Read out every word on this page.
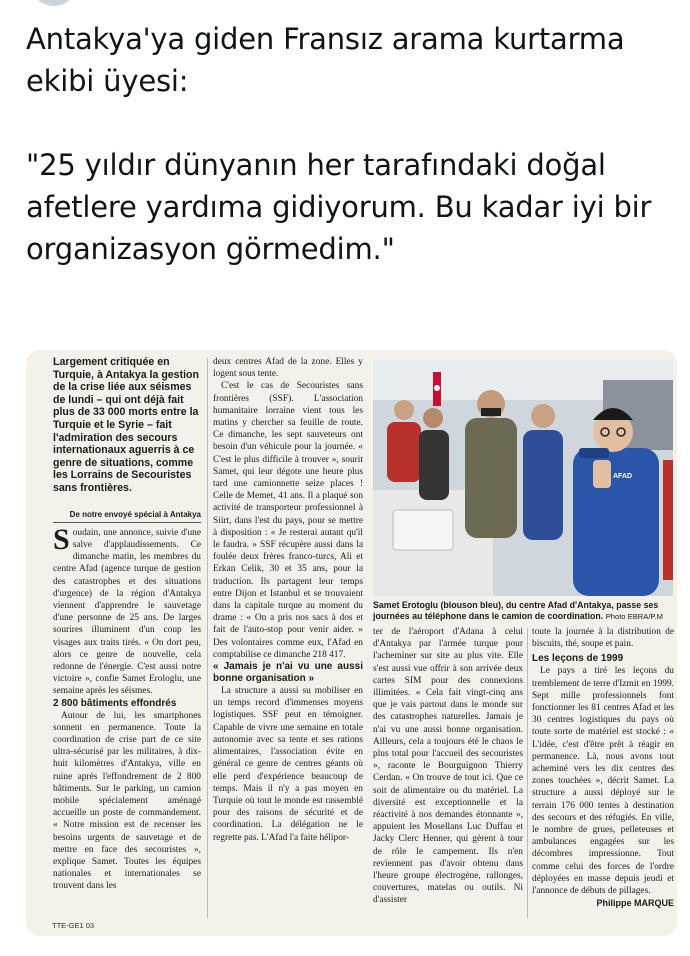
Antakya'ya giden Fransız arama kurtarma ekibi üyesi:

"25 yıldır dünyanın her tarafındaki doğal afetlere yardıma gidiyorum. Bu kadar iyi bir organizasyon görmedim."

Largement critiquée en Turquie, à Antakya la gestion de la crise liée aux séismes de lundi – qui ont déjà fait plus de 33 000 morts entre la Turquie et le Syrie – fait l'admiration des secours internationaux aguerris à ce genre de situations, comme les Lorrains de Secouristes sans frontières.
De notre envoyé spécial à Antakya

Soudain, une annonce, suivie d'une salve d'applaudissements. Ce dimanche matin, les membres du centre Afad (agence turque de gestion des catastrophes et des situations d'urgence) de la région d'Antakya viennent d'apprendre le sauvetage d'une personne de 25 ans. De larges sourires illuminent d'un coup les visages aux traits tirés. « On dort peu, alors ce genre de nouvelle, cela redonne de l'énergie. C'est aussi notre victoire », confie Samet Erologlu, une semaine après les séismes.

2 800 bâtiments effondrés

Autour de lui, les smartphones sonnent en permanence. Toute la coordination de crise part de ce site ultra-sécurisé par les militaires, à dix-huit kilomètres d'Antakya, ville en ruine après l'effondrement de 2 800 bâtiments. Sur le parking, un camion mobile spécialement aménagé accueille un poste de commandement. « Notre mission est de recenser les besoins urgents de sauvetage et de mettre en face des secouristes », explique Samet. Toutes les équipes nationales et internationales se trouvent dans les

deux centres Afad de la zone. Elles y logent sous tente.

C'est le cas de Secouristes sans frontières (SSF). L'association humanitaire lorraine vient tous les matins y chercher sa feuille de route. Ce dimanche, les sept sauveteurs ont besoin d'un véhicule pour la journée. « C'est le plus difficile à trouver », sourit Samet, qui leur dégote une heure plus tard une camionnette seize places ! Celle de Memet, 41 ans. Il a plaqué son activité de transporteur professionnel à Siirt, dans l'est du pays, pour se mettre à disposition : « Je resterai autant qu'il le faudra. » SSF récupère aussi dans la foulée deux frères franco-turcs, Ali et Erkan Celik, 30 et 35 ans, pour la traduction. Ils partagent leur temps entre Dijon et Istanbul et se trouvaient dans la capitale turque au moment du drame : « On a pris nos sacs à dos et fait de l'auto-stop pour venir aider. » Des volontaires comme eux, l'Afad en comptabilise ce dimanche 218 417.

« Jamais je n'ai vu une aussi bonne organisation »

La structure a aussi su mobiliser en un temps record d'immenses moyens logistiques. SSF peut en témoigner. Capable de vivre une semaine en totale autonomie avec sa tente et ses rations alimentaires, l'association évite en général ce genre de centres géants où elle perd d'expérience beaucoup de temps. Mais il n'y a pas moyen en Turquie où tout le monde est rassemblé pour des raisons de sécurité et de coordination. La délégation ne le regrette pas. L'Afad l'a faite hélipor-

AFAD
Samet Erotoglu (blouson bleu), du centre Afad d'Antakya, passe ses journées au téléphone dans le camion de coordination. Photo EBRA/P.M

ter de l'aéroport d'Adana à celui d'Antakya par l'armée turque pour l'acheminer sur site au plus vite. Elle s'est aussi vue offrir à son arrivée deux cartes SIM pour des connexions illimitées. « Cela fait vingt-cinq ans que je vais partout dans le monde sur des catastrophes naturelles. Jamais je n'ai vu une aussi bonne organisation. Ailleurs, cela a toujours été le chaos le plus total pour l'accueil des secouristes », raconte le Bourguignon Thierry Cerdan. « On trouve de tout ici. Que ce soit de alimentaire ou du matériel. La diversité est exceptionnelle et la réactivité à nos demandes étonnante », appuient les Mosellans Luc Duffau et Jacky Clerc Henner, qui gèrent à tour de rôle le campement. Ils n'en reviennent pas d'avoir obtenu dans l'heure groupe électrogène, rallonges, couvertures, matelas ou outils. Ni d'assister

toute la journée à la distribution de biscuits, thé, soupe et pain.

Les leçons de 1999

Le pays a tiré les leçons du tremblement de terre d'Izmit en 1999. Sept mille professionnels font fonctionner les 81 centres Afad et les 30 centres logistiques du pays où toute sorte de matériel est stocké : « L'idée, c'est d'être prêt à réagir en permanence. Là, nous avons tout acheminé vers les dix centres des zones touchées », décrit Samet. La structure a aussi déployé sur le terrain 176 000 tentes à destination des secours et des réfugiés. En ville, le nombre de grues, pelleteuses et ambulances engagées sur les décombres impressionne. Tout comme celui des forces de l'ordre déployées en masse depuis jeudi et l'annonce de débuts de pillages.

Philippe MARQUE
TTE-GE1 03
